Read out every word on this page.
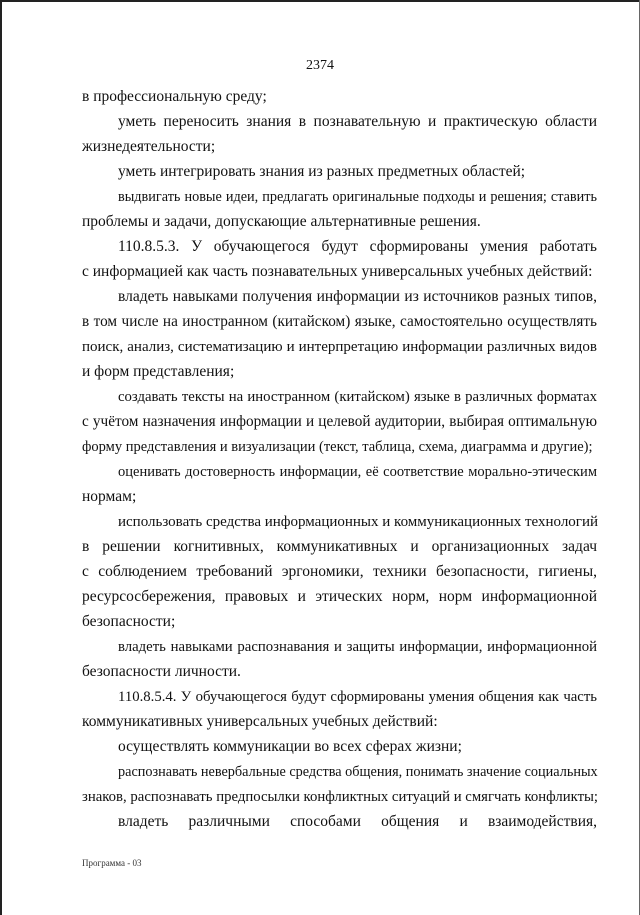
2374
в профессиональную среду;
уметь переносить знания в познавательную и практическую области
жизнедеятельности;
уметь интегрировать знания из разных предметных областей;
выдвигать новые идеи, предлагать оригинальные подходы и решения; ставить
проблемы и задачи, допускающие альтернативные решения.
110.8.5.3. У обучающегося будут сформированы умения работать
с информацией как часть познавательных универсальных учебных действий:
владеть навыками получения информации из источников разных типов,
в том числе на иностранном (китайском) языке, самостоятельно осуществлять
поиск, анализ, систематизацию и интерпретацию информации различных видов
и форм представления;
создавать тексты на иностранном (китайском) языке в различных форматах
с учётом назначения информации и целевой аудитории, выбирая оптимальную
форму представления и визуализации (текст, таблица, схема, диаграмма и другие);
оценивать достоверность информации, её соответствие морально-этическим
нормам;
использовать средства информационных и коммуникационных технологий
в решении когнитивных, коммуникативных и организационных задач
с соблюдением требований эргономики, техники безопасности, гигиены,
ресурсосбережения, правовых и этических норм, норм информационной
безопасности;
владеть навыками распознавания и защиты информации, информационной
безопасности личности.
110.8.5.4. У обучающегося будут сформированы умения общения как часть
коммуникативных универсальных учебных действий:
осуществлять коммуникации во всех сферах жизни;
распознавать невербальные средства общения, понимать значение социальных
знаков, распознавать предпосылки конфликтных ситуаций и смягчать конфликты;
владеть различными способами общения и взаимодействия,
Программа - 03
